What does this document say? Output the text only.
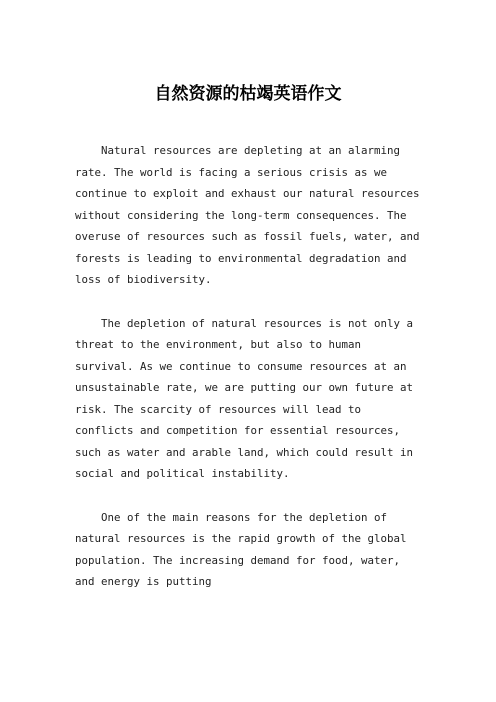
自然资源的枯竭英语作文

Natural resources are depleting at an alarming rate. The world is facing a serious crisis as we continue to exploit and exhaust our natural resources without considering the long-term consequences. The overuse of resources such as fossil fuels, water, and forests is leading to environmental degradation and loss of biodiversity.

The depletion of natural resources is not only a threat to the environment, but also to human survival. As we continue to consume resources at an unsustainable rate, we are putting our own future at risk. The scarcity of resources will lead to conflicts and competition for essential resources, such as water and arable land, which could result in social and political instability.

One of the main reasons for the depletion of natural resources is the rapid growth of the global population. The increasing demand for food, water, and energy is putting
